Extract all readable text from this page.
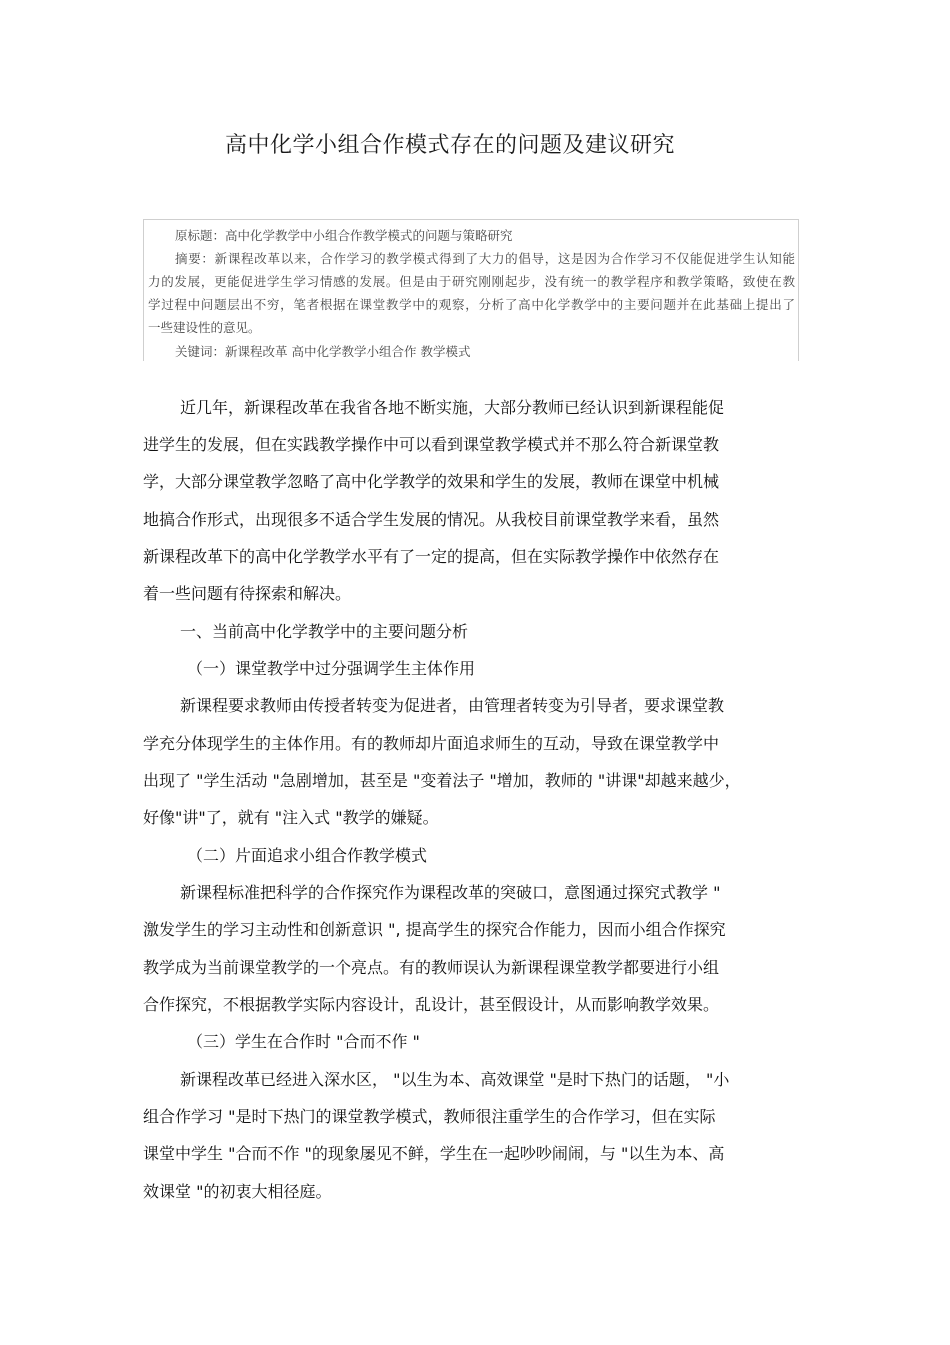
高中化学小组合作模式存在的问题及建议研究
原标题：高中化学教学中小组合作教学模式的问题与策略研究
摘要：新课程改革以来，合作学习的教学模式得到了大力的倡导，这是因为合作学习不仅能促进学生认知能
力的发展，更能促进学生学习情感的发展。但是由于研究刚刚起步，没有统一的教学程序和教学策略，致使在教
学过程中问题层出不穷，笔者根据在课堂教学中的观察，分析了高中化学教学中的主要问题并在此基础上提出了
一些建设性的意见。
关键词：新课程改革 高中化学教学小组合作 教学模式
近几年，新课程改革在我省各地不断实施，大部分教师已经认识到新课程能促
进学生的发展，但在实践教学操作中可以看到课堂教学模式并不那么符合新课堂教
学，大部分课堂教学忽略了高中化学教学的效果和学生的发展，教师在课堂中机械
地搞合作形式，出现很多不适合学生发展的情况。从我校目前课堂教学来看，虽然
新课程改革下的高中化学教学水平有了一定的提高，但在实际教学操作中依然存在
着一些问题有待探索和解决。
一、当前高中化学教学中的主要问题分析
（一）课堂教学中过分强调学生主体作用
新课程要求教师由传授者转变为促进者，由管理者转变为引导者，要求课堂教
学充分体现学生的主体作用。有的教师却片面追求师生的互动，导致在课堂教学中
出现了 "学生活动 "急剧增加，甚至是 "变着法子 "增加，教师的 "讲课"却越来越少，
好像"讲"了，就有 "注入式 "教学的嫌疑。
（二）片面追求小组合作教学模式
新课程标准把科学的合作探究作为课程改革的突破口，意图通过探究式教学 "
激发学生的学习主动性和创新意识 ", 提高学生的探究合作能力，因而小组合作探究
教学成为当前课堂教学的一个亮点。有的教师误认为新课程课堂教学都要进行小组
合作探究，不根据教学实际内容设计，乱设计，甚至假设计，从而影响教学效果。
（三）学生在合作时 "合而不作 "
新课程改革已经进入深水区， "以生为本、高效课堂 "是时下热门的话题， "小
组合作学习 "是时下热门的课堂教学模式，教师很注重学生的合作学习，但在实际
课堂中学生 "合而不作 "的现象屡见不鲜，学生在一起吵吵闹闹，与 "以生为本、高
效课堂 "的初衷大相径庭。
